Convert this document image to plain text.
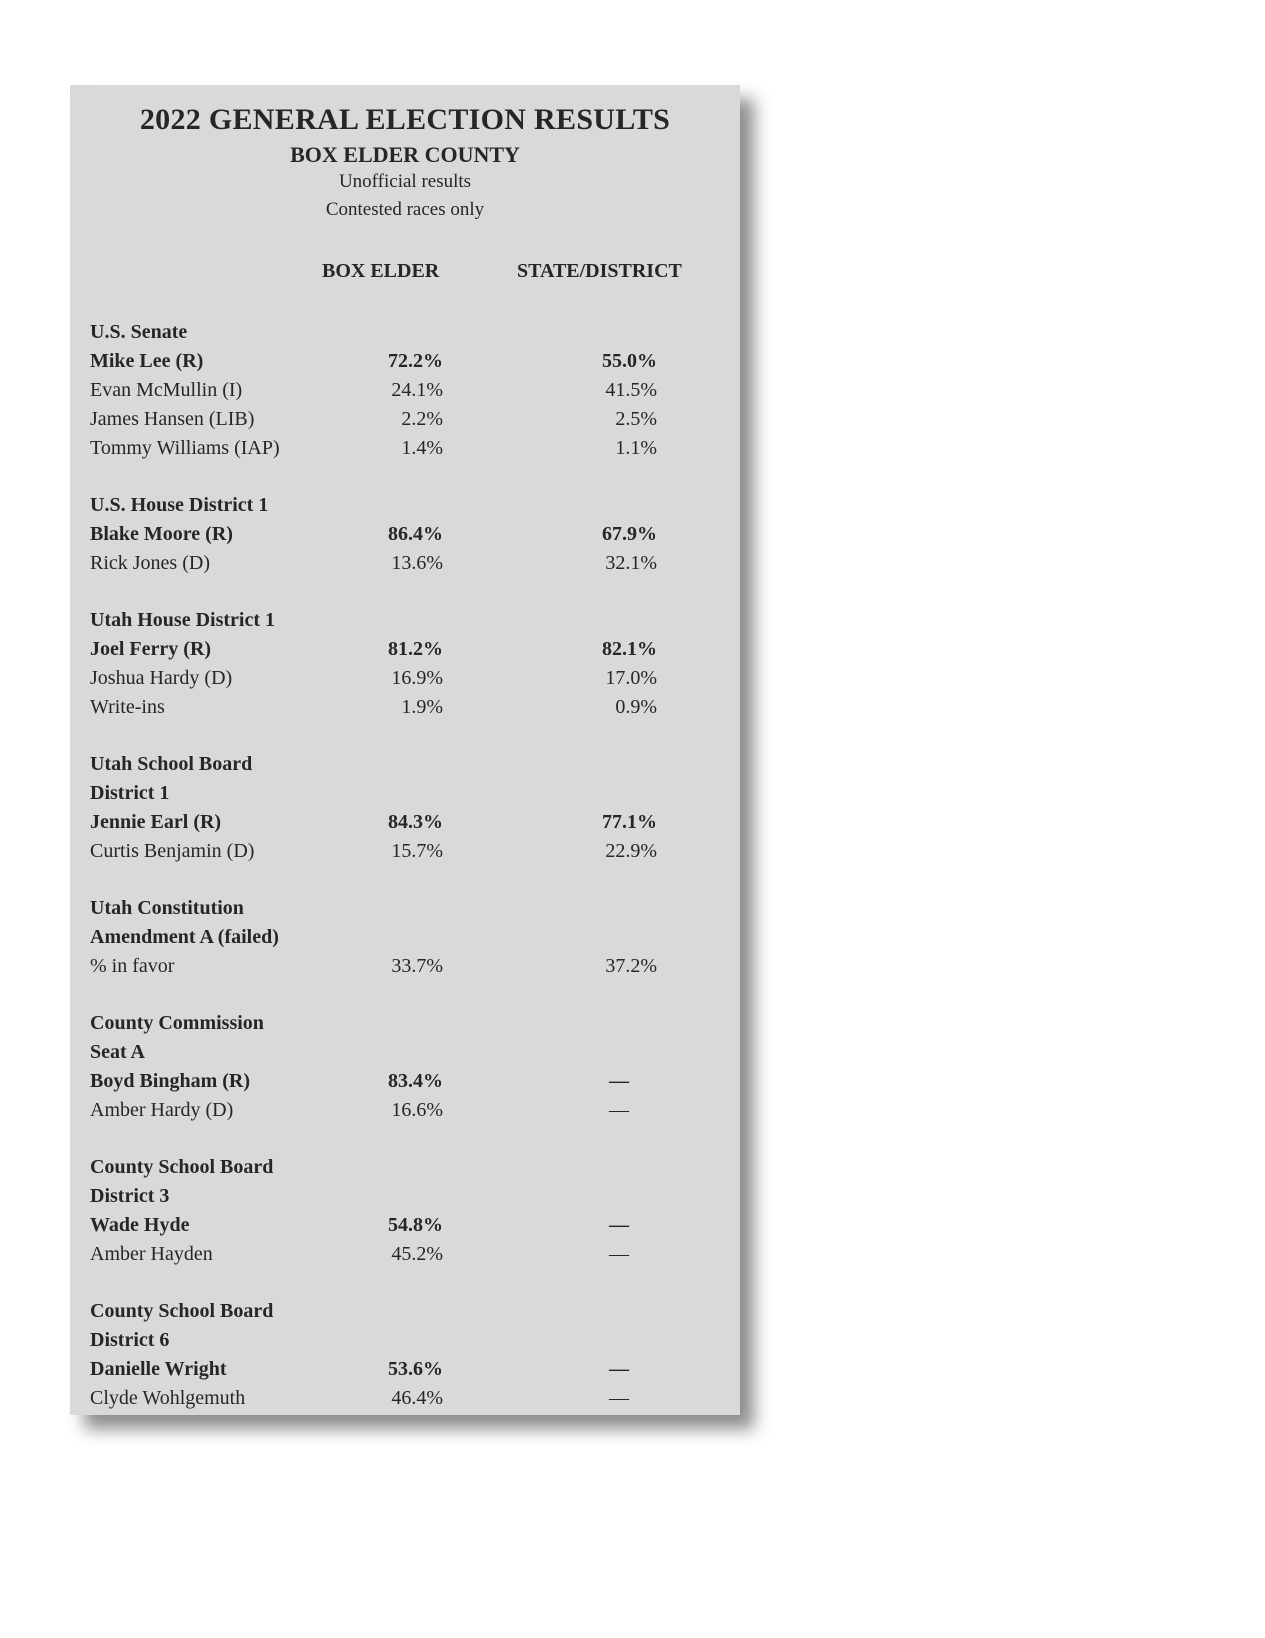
2022 GENERAL ELECTION RESULTS
BOX ELDER COUNTY
Unofficial results
Contested races only
BOX ELDER	STATE/DISTRICT
U.S. Senate
Mike Lee (R)	72.2%	55.0%
Evan McMullin (I)	24.1%	41.5%
James Hansen (LIB)	2.2%	2.5%
Tommy Williams (IAP)	1.4%	1.1%
U.S. House District 1
Blake Moore (R)	86.4%	67.9%
Rick Jones (D)	13.6%	32.1%
Utah House District 1
Joel Ferry (R)	81.2%	82.1%
Joshua Hardy (D)	16.9%	17.0%
Write-ins	1.9%	0.9%
Utah School Board
District 1
Jennie Earl (R)	84.3%	77.1%
Curtis Benjamin (D)	15.7%	22.9%
Utah Constitution
Amendment A (failed)
% in favor	33.7%	37.2%
County Commission
Seat A
Boyd Bingham (R)	83.4%	—
Amber Hardy (D)	16.6%	—
County School Board
District 3
Wade Hyde	54.8%	—
Amber Hayden	45.2%	—
County School Board
District 6
Danielle Wright	53.6%	—
Clyde Wohlgemuth	46.4%	—
